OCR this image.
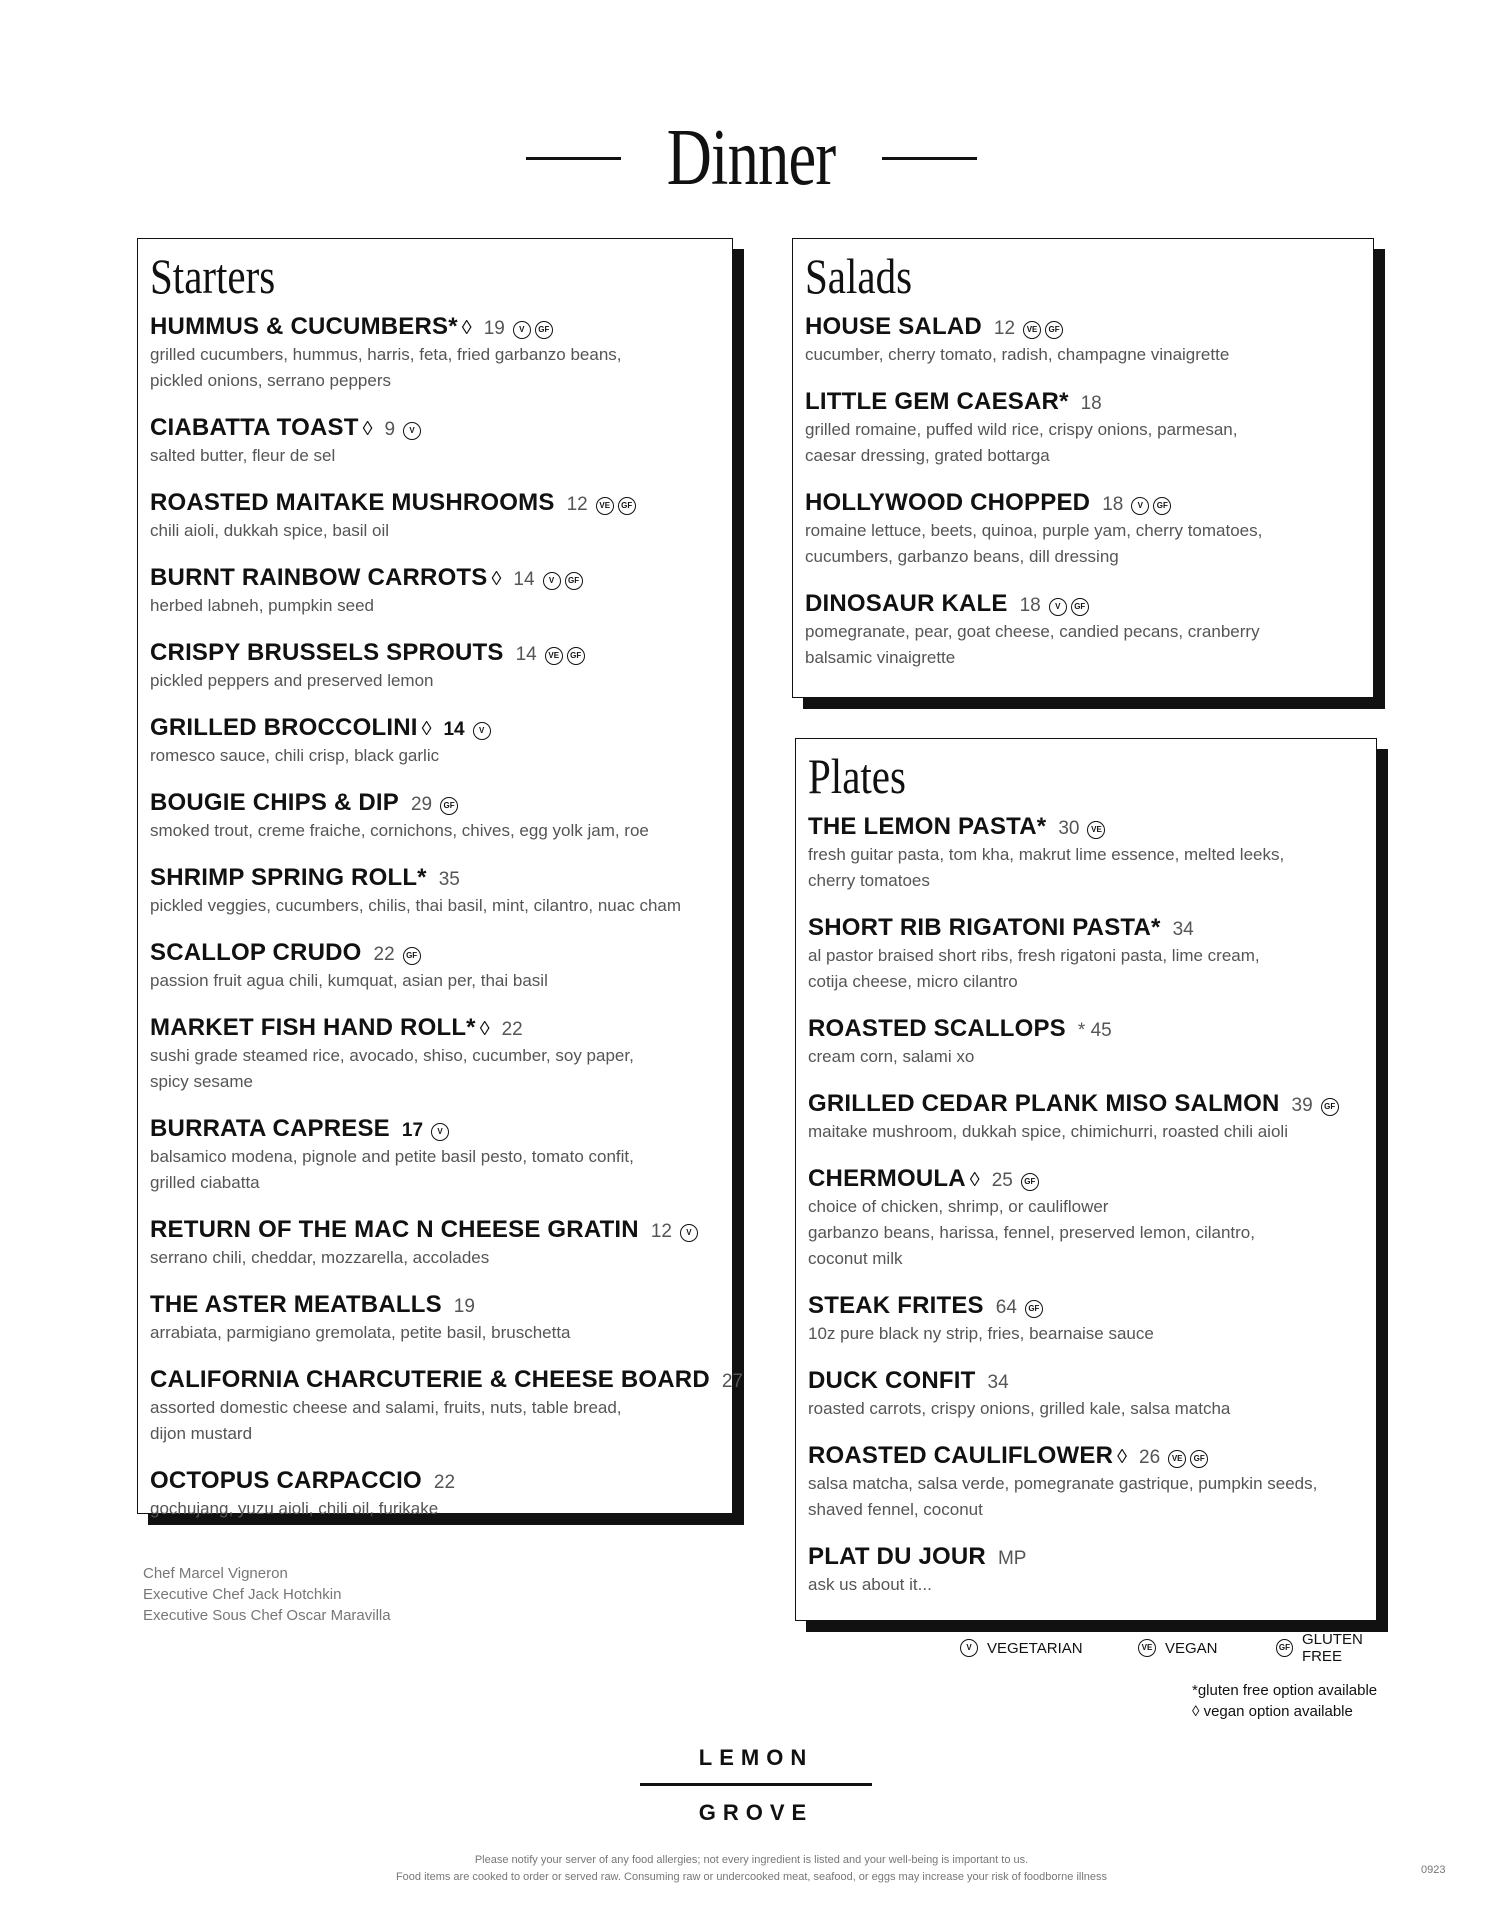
Dinner
Starters
HUMMUS & CUCUMBERS* ◊ 19	V	GF
grilled cucumbers, hummus, harris, feta, fried garbanzo beans,
pickled onions, serrano peppers
CIABATTA TOAST ◊ 9	V
salted butter, fleur de sel
ROASTED MAITAKE MUSHROOMS 12	VE	GF
chili aioli, dukkah spice, basil oil
BURNT RAINBOW CARROTS ◊ 14	V	GF
herbed labneh, pumpkin seed
CRISPY BRUSSELS SPROUTS 14	VE	GF
pickled peppers and preserved lemon
GRILLED BROCCOLINI ◊ 14	V
romesco sauce, chili crisp, black garlic
BOUGIE CHIPS & DIP 29	GF
smoked trout, creme fraiche, cornichons, chives, egg yolk jam, roe
SHRIMP SPRING ROLL* 35
pickled veggies, cucumbers, chilis, thai basil, mint, cilantro, nuac cham
SCALLOP CRUDO 22	GF
passion fruit agua chili, kumquat, asian per, thai basil
MARKET FISH HAND ROLL* ◊ 22
sushi grade steamed rice, avocado, shiso, cucumber, soy paper,
spicy sesame
BURRATA CAPRESE 17	V
balsamico modena, pignole and petite basil pesto, tomato confit,
grilled ciabatta
RETURN OF THE MAC N CHEESE GRATIN 12	V
serrano chili, cheddar, mozzarella, accolades
THE ASTER MEATBALLS 19
arrabiata, parmigiano gremolata, petite basil, bruschetta
CALIFORNIA CHARCUTERIE & CHEESE BOARD 27
assorted domestic cheese and salami, fruits, nuts, table bread,
dijon mustard
OCTOPUS CARPACCIO 22
gochujang, yuzu aioli, chili oil, furikake
Salads
HOUSE SALAD 12	VE	GF
cucumber, cherry tomato, radish, champagne vinaigrette
LITTLE GEM CAESAR* 18
grilled romaine, puffed wild rice, crispy onions, parmesan,
caesar dressing, grated bottarga
HOLLYWOOD CHOPPED 18	V	GF
romaine lettuce, beets, quinoa, purple yam, cherry tomatoes,
cucumbers, garbanzo beans, dill dressing
DINOSAUR KALE 18	V	GF
pomegranate, pear, goat cheese, candied pecans, cranberry
balsamic vinaigrette
Plates
THE LEMON PASTA* 30	VE
fresh guitar pasta, tom kha, makrut lime essence, melted leeks,
cherry tomatoes
SHORT RIB RIGATONI PASTA* 34
al pastor braised short ribs, fresh rigatoni pasta, lime cream,
cotija cheese, micro cilantro
ROASTED SCALLOPS * 45
cream corn, salami xo
GRILLED CEDAR PLANK MISO SALMON 39	GF
maitake mushroom, dukkah spice, chimichurri, roasted chili aioli
CHERMOULA ◊ 25	GF
choice of chicken, shrimp, or cauliflower
garbanzo beans, harissa, fennel, preserved lemon, cilantro,
coconut milk
STEAK FRITES 64	GF
10z pure black ny strip, fries, bearnaise sauce
DUCK CONFIT 34
roasted carrots, crispy onions, grilled kale, salsa matcha
ROASTED CAULIFLOWER ◊ 26	VE	GF
salsa matcha, salsa verde, pomegranate gastrique, pumpkin seeds,
shaved fennel, coconut
PLAT DU JOUR MP
ask us about it...
Chef Marcel Vigneron
Executive Chef Jack Hotchkin
Executive Sous Chef Oscar Maravilla
V	VEGETARIAN	VE VEGAN	GF GLUTEN FREE
*gluten free option available
◊ vegan option available
LEMON
GROVE
Please notify your server of any food allergies; not every ingredient is listed and your well-being is important to us.
Food items are cooked to order or served raw. Consuming raw or undercooked meat, seafood, or eggs may increase your risk of foodborne illness
0923
